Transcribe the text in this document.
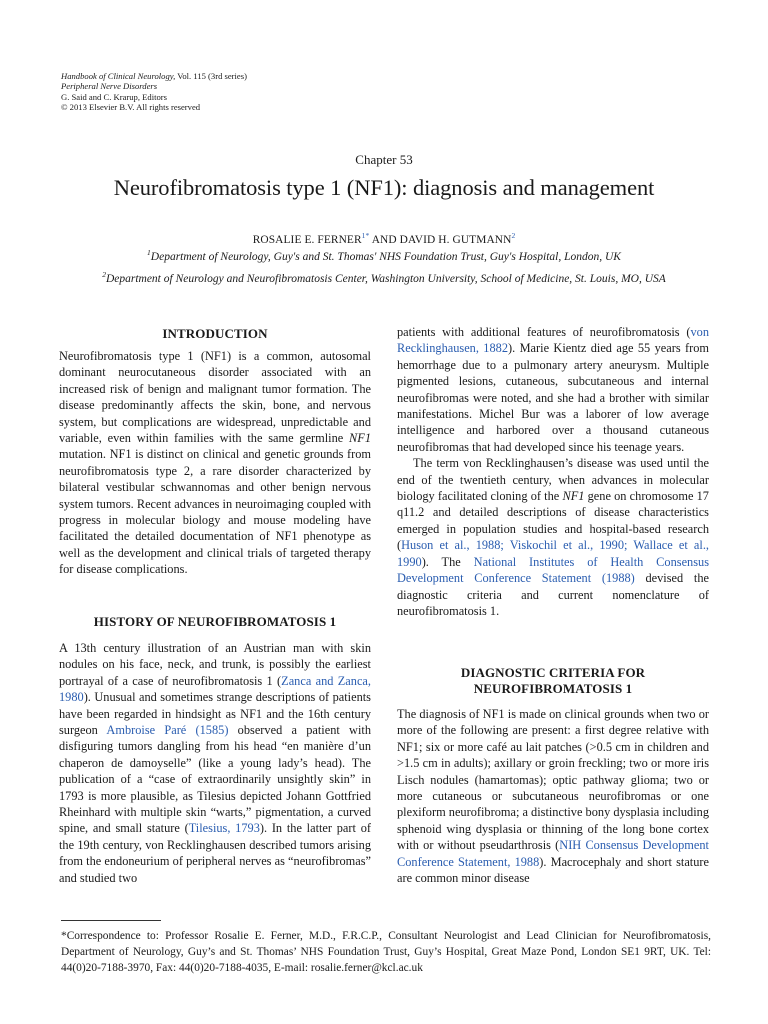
Handbook of Clinical Neurology, Vol. 115 (3rd series)
Peripheral Nerve Disorders
G. Said and C. Krarup, Editors
© 2013 Elsevier B.V. All rights reserved
Chapter 53
Neurofibromatosis type 1 (NF1): diagnosis and management
ROSALIE E. $FERNER^{1*}$ AND DAVID H. GUTMANN$^2$
$^1$Department of Neurology, Guy's and St. Thomas' NHS Foundation Trust, Guy's Hospital, London, UK
$^2$Department of Neurology and Neurofibromatosis Center, Washington University, School of Medicine, St. Louis, MO, USA
INTRODUCTION

Neurofibromatosis type 1 (NF1) is a common, autosomal dominant neurocutaneous disorder associated with an increased risk of benign and malignant tumor formation. The disease predominantly affects the skin, bone, and nervous system, but complications are widespread, unpredictable and variable, even within families with the same germline NF1 mutation. NF1 is distinct on clinical and genetic grounds from neurofibromatosis type 2, a rare disorder characterized by bilateral vestibular schwannomas and other benign nervous system tumors. Recent advances in neuroimaging coupled with progress in molecular biology and mouse modeling have facilitated the detailed documentation of NF1 phenotype as well as the development and clinical trials of targeted therapy for disease complications.

HISTORY OF NEUROFIBROMATOSIS 1

A 13th century illustration of an Austrian man with skin nodules on his face, neck, and trunk, is possibly the earliest portrayal of a case of neurofibromatosis 1 (Zanca and Zanca, 1980). Unusual and sometimes strange descriptions of patients have been regarded in hindsight as NF1 and the 16th century surgeon Ambroise Paré (1585) observed a patient with disfiguring tumors dangling from his head “en manière d’un chaperon de damoyselle” (like a young lady’s head). The publication of a “case of extraordinarily unsightly skin” in 1793 is more plausible, as Tilesius depicted Johann Gottfried Rheinhard with multiple skin “warts,” pigmentation, a curved spine, and small stature (Tilesius, 1793). In the latter part of the 19th century, von Recklinghausen described tumors arising from the endoneurium of peripheral nerves as “neurofibromas” and studied two

patients with additional features of neurofibromatosis (von Recklinghausen, 1882). Marie Kientz died age 55 years from hemorrhage due to a pulmonary artery aneurysm. Multiple pigmented lesions, cutaneous, subcutaneous and internal neurofibromas were noted, and she had a brother with similar manifestations. Michel Bur was a laborer of low average intelligence and harbored over a thousand cutaneous neurofibromas that had developed since his teenage years.

The term von Recklinghausen’s disease was used until the end of the twentieth century, when advances in molecular biology facilitated cloning of the NF1 gene on chromosome 17 q11.2 and detailed descriptions of disease characteristics emerged in population studies and hospital-based research (Huson et al., 1988; Viskochil et al., 1990; Wallace et al., 1990). The National Institutes of Health Consensus Development Conference Statement (1988) devised the diagnostic criteria and current nomenclature of neurofibromatosis 1.

DIAGNOSTIC CRITERIA FOR
NEUROFIBROMATOSIS 1

The diagnosis of NF1 is made on clinical grounds when two or more of the following are present: a first degree relative with NF1; six or more café au lait patches (>0.5 cm in children and >1.5 cm in adults); axillary or groin freckling; two or more iris Lisch nodules (hamartomas); optic pathway glioma; two or more cutaneous or subcutaneous neurofibromas or one plexiform neurofibroma; a distinctive bony dysplasia including sphenoid wing dysplasia or thinning of the long bone cortex with or without pseudarthrosis (NIH Consensus Development Conference Statement, 1988). Macrocephaly and short stature are common minor disease

*Correspondence to: Professor Rosalie E. Ferner, M.D., F.R.C.P., Consultant Neurologist and Lead Clinician for Neurofibromatosis, Department of Neurology, Guy’s and St. Thomas’ NHS Foundation Trust, Guy’s Hospital, Great Maze Pond, London SE1 9RT, UK. Tel: 44(0)20-7188-3970, Fax: 44(0)20-7188-4035, E-mail: rosalie.ferner@kcl.ac.uk
